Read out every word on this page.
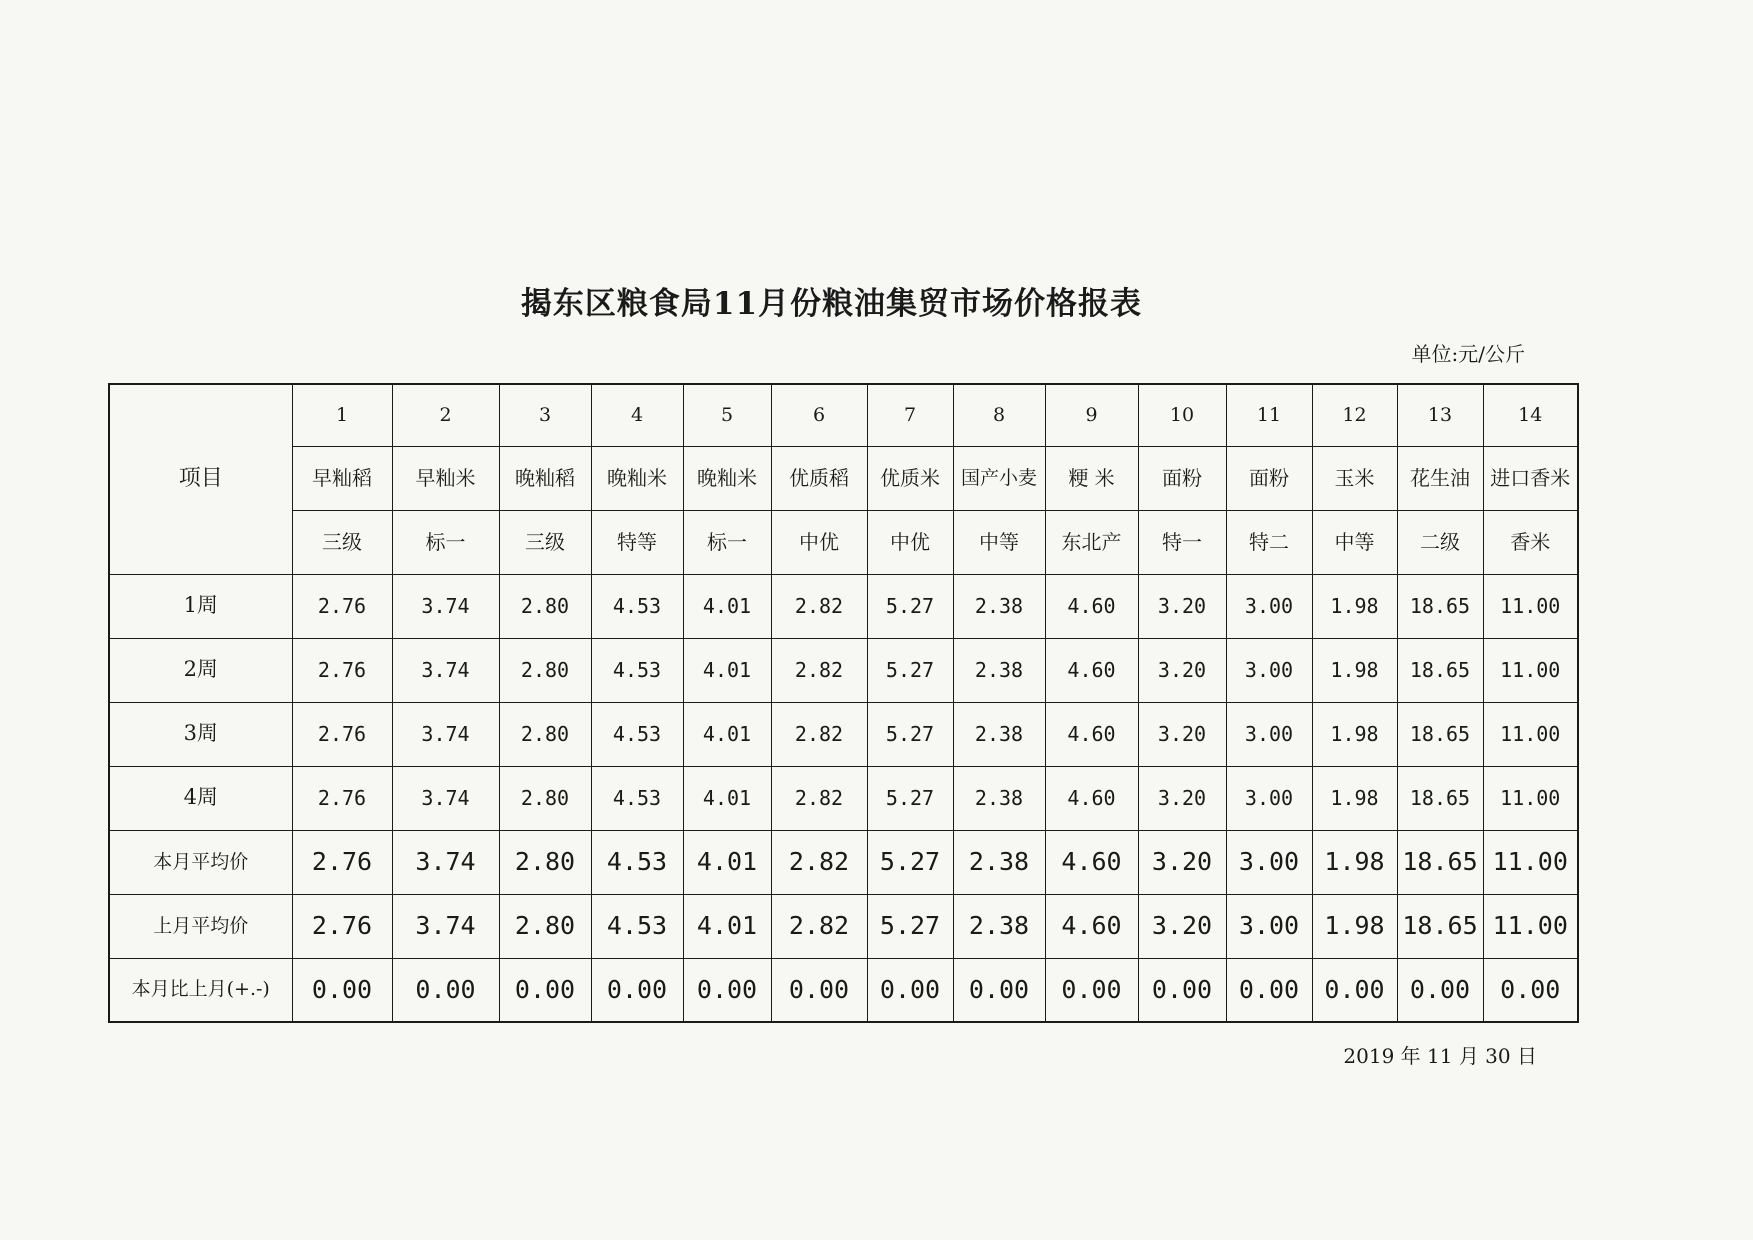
揭东区粮食局11月份粮油集贸市场价格报表
单位:元/公斤
项目	1	2	3	4	5	6	7	8	9	10	11	12	13	14
	早籼稻	早籼米	晚籼稻	晚籼米	晚籼米	优质稻	优质米	国产小麦	粳 米	面粉	面粉	玉米	花生油	进口香米
	三级	标一	三级	特等	标一	中优	中优	中等	东北产	特一	特二	中等	二级	香米
1周	2.76	3.74	2.80	4.53	4.01	2.82	5.27	2.38	4.60	3.20	3.00	1.98	18.65	11.00
2周	2.76	3.74	2.80	4.53	4.01	2.82	5.27	2.38	4.60	3.20	3.00	1.98	18.65	11.00
3周	2.76	3.74	2.80	4.53	4.01	2.82	5.27	2.38	4.60	3.20	3.00	1.98	18.65	11.00
4周	2.76	3.74	2.80	4.53	4.01	2.82	5.27	2.38	4.60	3.20	3.00	1.98	18.65	11.00
本月平均价	2.76	3.74	2.80	4.53	4.01	2.82	5.27	2.38	4.60	3.20	3.00	1.98	18.65	11.00
上月平均价	2.76	3.74	2.80	4.53	4.01	2.82	5.27	2.38	4.60	3.20	3.00	1.98	18.65	11.00
本月比上月(+.-)	0.00	0.00	0.00	0.00	0.00	0.00	0.00	0.00	0.00	0.00	0.00	0.00	0.00	0.00
2019 年 11 月 30 日
